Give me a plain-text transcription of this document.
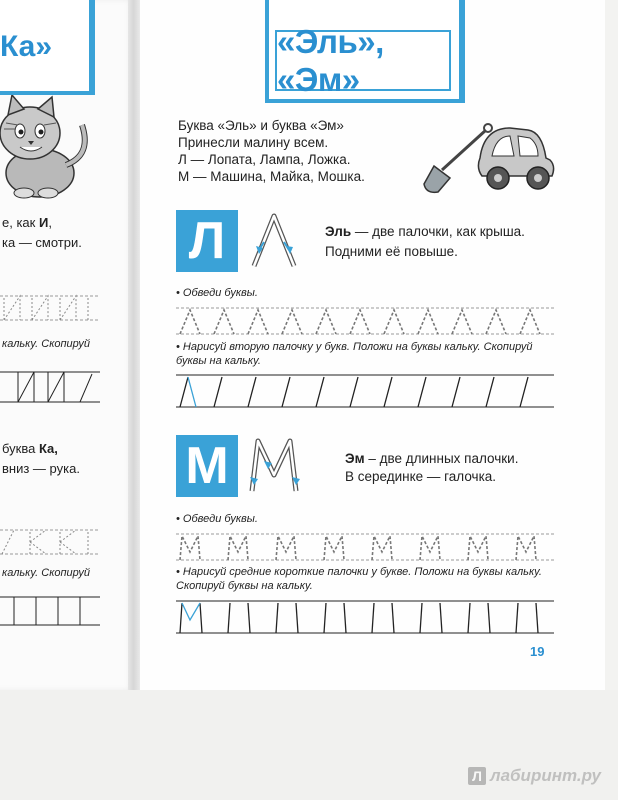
Ка»
е, как И,
ка — смотри.
кальку. Скопируй
буква Ка,
вниз — рука.
кальку. Скопируй
«Эль», «Эм»
Буква «Эль» и буква «Эм»
Принесли малину всем.
Л — Лопата, Лампа, Ложка.
М — Машина, Майка, Мошка.
Л	Эль — две палочки, как крыша.
Подними её повыше.
• Обведи буквы.
• Нарисуй вторую палочку у букв. Положи на буквы кальку. Скопируй буквы на кальку.
М	Эм – две длинных палочки.
В серединке — галочка.
• Обведи буквы.
• Нарисуй средние короткие палочки у букве. Положи на буквы кальку. Скопируй буквы на кальку.
19
Л лабиринт.ру
